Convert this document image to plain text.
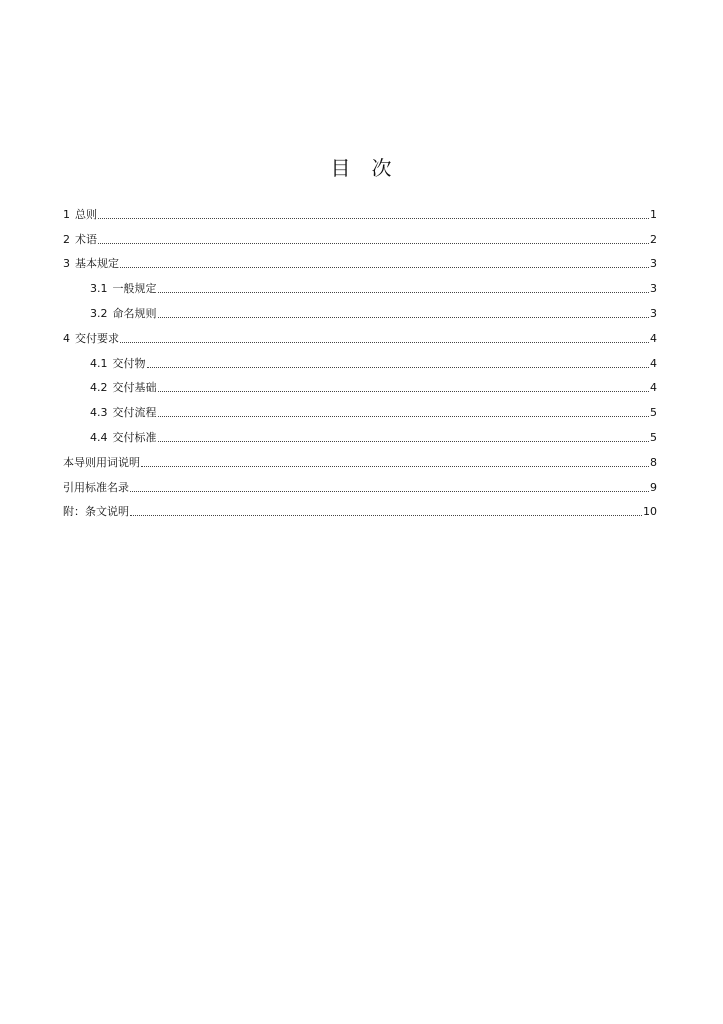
目 次
1 总则	1
2 术语	2
3 基本规定	3
3.1 一般规定	3
3.2 命名规则	3
4 交付要求	4
4.1 交付物	4
4.2 交付基础	4
4.3 交付流程	5
4.4 交付标准	5
本导则用词说明	8
引用标准名录	9
附：条文说明	10
